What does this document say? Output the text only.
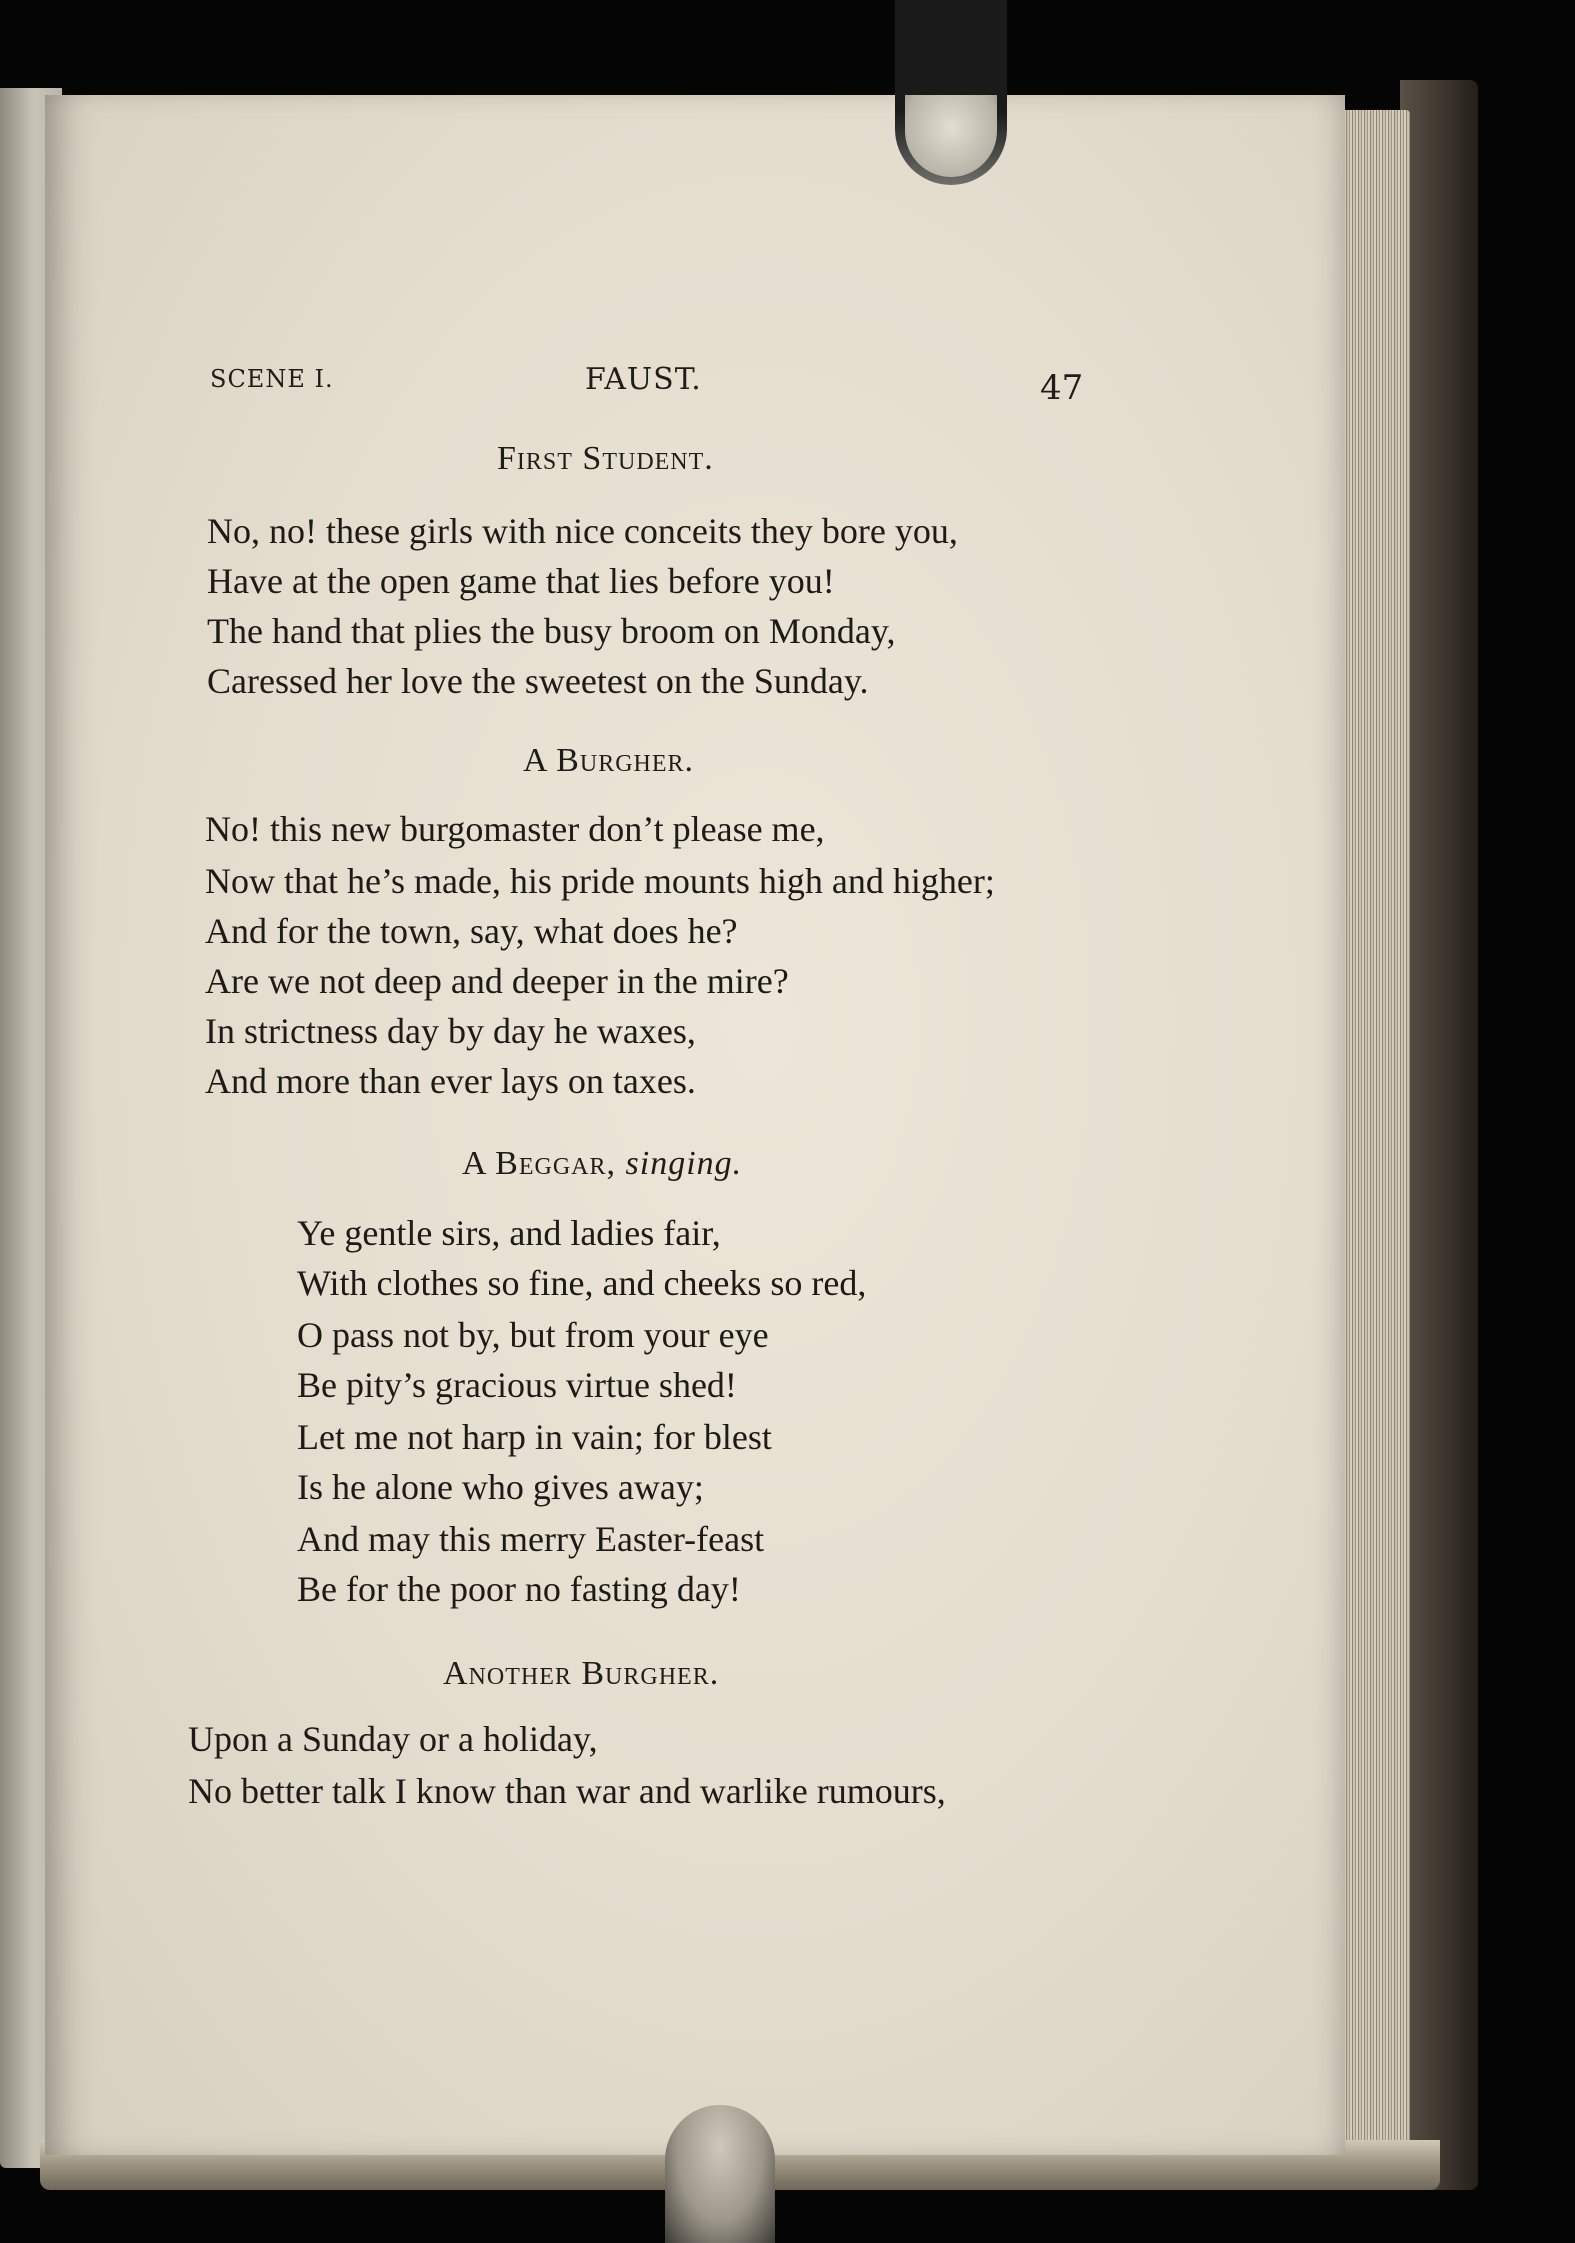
SCENE I.	FAUST.	47
First Student.
No, no! these girls with nice conceits they bore you,
Have at the open game that lies before you!
The hand that plies the busy broom on Monday,
Caressed her love the sweetest on the Sunday.
A Burgher.
No! this new burgomaster don’t please me,
Now that he’s made, his pride mounts high and higher;
And for the town, say, what does he?
Are we not deep and deeper in the mire?
In strictness day by day he waxes,
And more than ever lays on taxes.
A Beggar, singing.
Ye gentle sirs, and ladies fair,
With clothes so fine, and cheeks so red,
O pass not by, but from your eye
Be pity’s gracious virtue shed!
Let me not harp in vain; for blest
Is he alone who gives away;
And may this merry Easter-feast
Be for the poor no fasting day!
Another Burgher.
Upon a Sunday or a holiday,
No better talk I know than war and warlike rumours,
